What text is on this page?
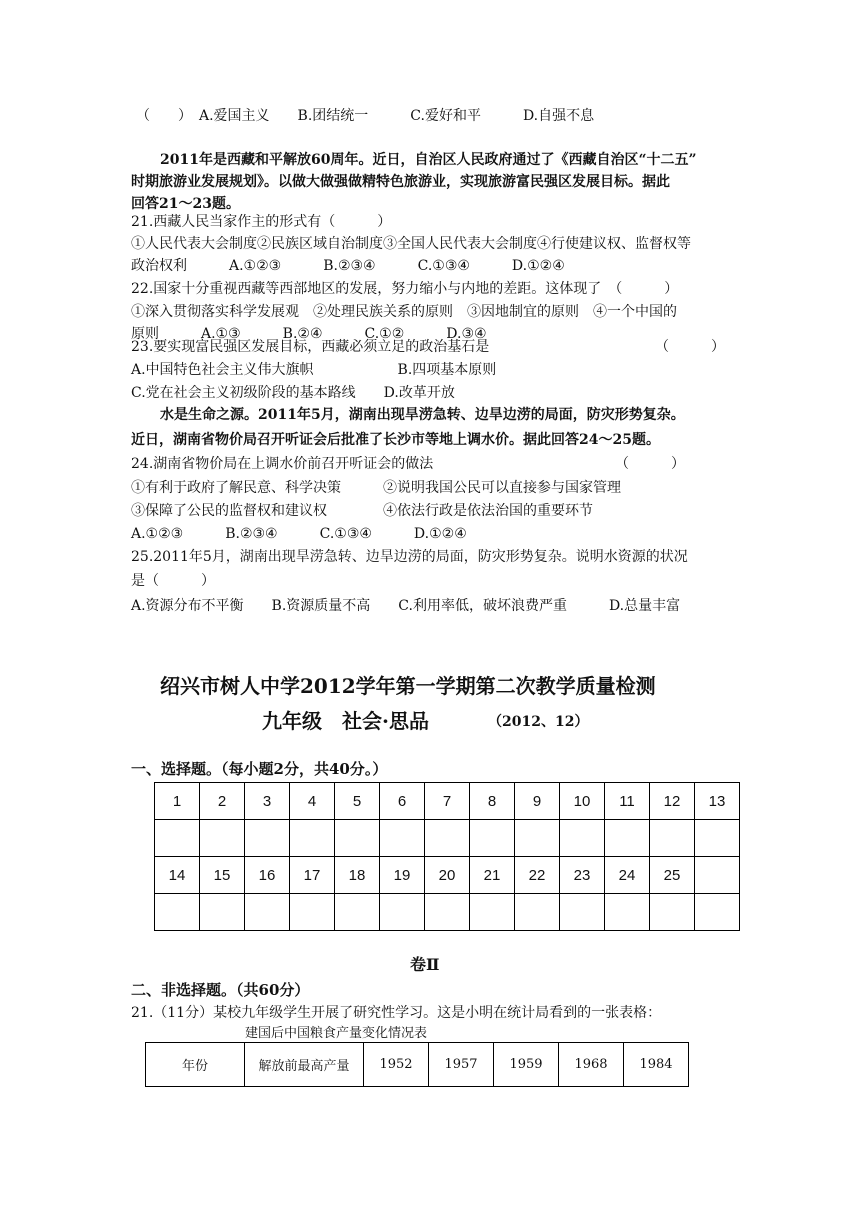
（　　）　A.爱国主义　　B.团结统一　　　C.爱好和平　　　D.自强不息
2011年是西藏和平解放60周年。近日，自治区人民政府通过了《西藏自治区“十二五”
时期旅游业发展规划》。以做大做强做精特色旅游业，实现旅游富民强区发展目标。据此
回答21～23题。
21.西藏人民当家作主的形式有（　　　）
①人民代表大会制度②民族区域自治制度③全国人民代表大会制度④行使建议权、监督权等
政治权利　　　A.①②③　　　B.②③④　　　C.①③④　　　D.①②④
22.国家十分重视西藏等西部地区的发展，努力缩小与内地的差距。这体现了　（　　　）
①深入贯彻落实科学发展观　②处理民族关系的原则　③因地制宜的原则　④一个中国的
原则　　　A.①③　　　B.②④　　　C.①②　　　D.③④
23.要实现富民强区发展目标，西藏必须立足的政治基石是	（　　　）
A.中国特色社会主义伟大旗帜　　　　　　B.四项基本原则
C.党在社会主义初级阶段的基本路线　　D.改革开放
水是生命之源。2011年5月，湖南出现旱涝急转、边旱边涝的局面，防灾形势复杂。
近日，湖南省物价局召开听证会后批准了长沙市等地上调水价。据此回答24～25题。
24.湖南省物价局在上调水价前召开听证会的做法	（　　　）
①有利于政府了解民意、科学决策　　　②说明我国公民可以直接参与国家管理
③保障了公民的监督权和建议权　　　　④依法行政是依法治国的重要环节
A.①②③　　　B.②③④　　　C.①③④　　　D.①②④
25.2011年5月，湖南出现旱涝急转、边旱边涝的局面，防灾形势复杂。说明水资源的状况
是（　　　）
A.资源分布不平衡　　B.资源质量不高　　C.利用率低，破坏浪费严重　　　D.总量丰富
绍兴市树人中学2012学年第一学期第二次教学质量检测
九年级　社会·思品	（2012、12）
一、选择题。（每小题2分，共40分。）
1	2	3	4	5	6	7	8	9	10	11	12	13

14	15	16	17	18	19	20	21	22	23	24	25	

卷Ⅱ
二、非选择题。（共60分）
21.（11分）某校九年级学生开展了研究性学习。这是小明在统计局看到的一张表格：
建国后中国粮食产量变化情况表
年份	解放前最高产量	1952	1957	1959	1968	1984
